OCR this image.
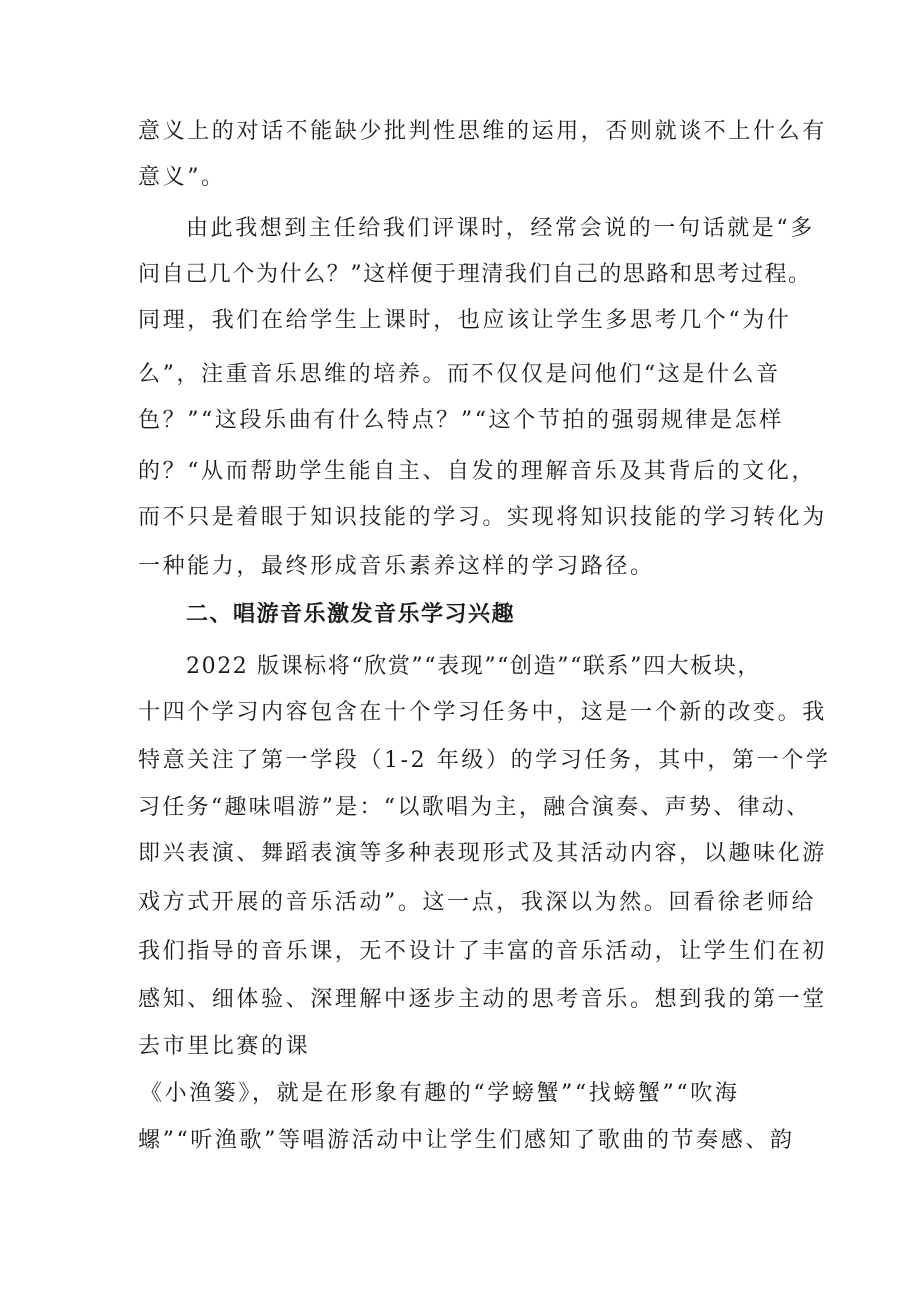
意义上的对话不能缺少批判性思维的运用，否则就谈不上什么有
意义”。
由此我想到主任给我们评课时，经常会说的一句话就是“多
问自己几个为什么？”这样便于理清我们自己的思路和思考过程。
同理，我们在给学生上课时，也应该让学生多思考几个“为什
么”，注重音乐思维的培养。而不仅仅是问他们“这是什么音
色？”“这段乐曲有什么特点？”“这个节拍的强弱规律是怎样
的？“从而帮助学生能自主、自发的理解音乐及其背后的文化，
而不只是着眼于知识技能的学习。实现将知识技能的学习转化为
一种能力，最终形成音乐素养这样的学习路径。
二、唱游音乐激发音乐学习兴趣
2022 版课标将“欣赏”“表现”“创造”“联系”四大板块，
十四个学习内容包含在十个学习任务中，这是一个新的改变。我
特意关注了第一学段（1-2 年级）的学习任务，其中，第一个学
习任务“趣味唱游”是：“以歌唱为主，融合演奏、声势、律动、
即兴表演、舞蹈表演等多种表现形式及其活动内容，以趣味化游
戏方式开展的音乐活动”。这一点，我深以为然。回看徐老师给
我们指导的音乐课，无不设计了丰富的音乐活动，让学生们在初
感知、细体验、深理解中逐步主动的思考音乐。想到我的第一堂
去市里比赛的课
《小渔篓》，就是在形象有趣的“学螃蟹”“找螃蟹”“吹海
螺”“听渔歌”等唱游活动中让学生们感知了歌曲的节奏感、韵
